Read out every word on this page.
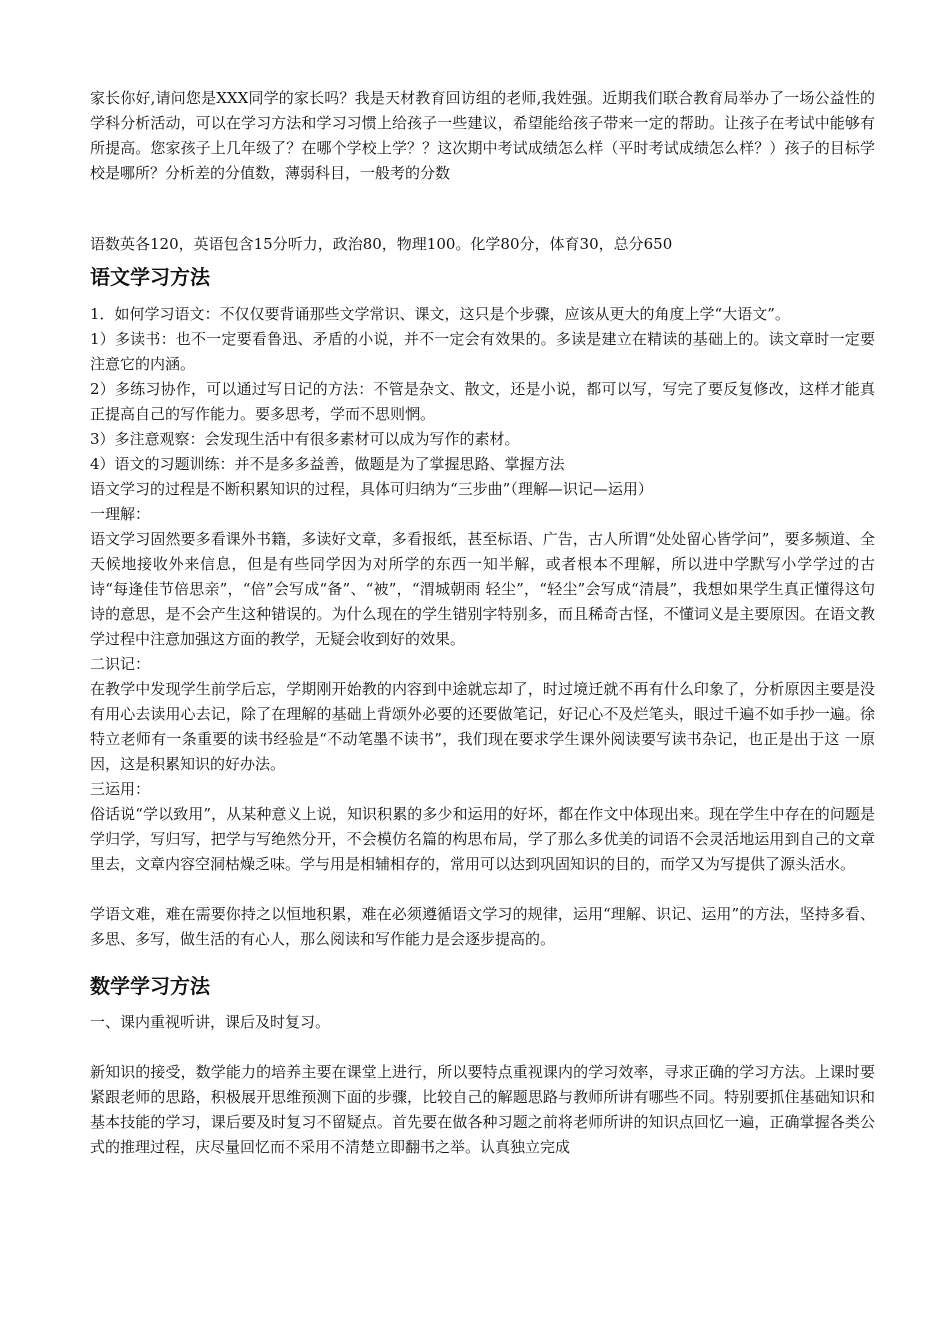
家长你好,请问您是XXX同学的家长吗？我是天材教育回访组的老师,我姓强。近期我们联合教育局举办了一场公益性的学科分析活动，可以在学习方法和学习习惯上给孩子一些建议，希望能给孩子带来一定的帮助。让孩子在考试中能够有所提高。您家孩子上几年级了？在哪个学校上学？？这次期中考试成绩怎么样（平时考试成绩怎么样？）孩子的目标学校是哪所？分析差的分值数，薄弱科目，一般考的分数

语数英各120，英语包含15分听力，政治80，物理100。化学80分，体育30，总分650

语文学习方法

1．如何学习语文：不仅仅要背诵那些文学常识、课文，这只是个步骤，应该从更大的角度上学“大语文”。

1）多读书：也不一定要看鲁迅、矛盾的小说，并不一定会有效果的。多读是建立在精读的基础上的。读文章时一定要注意它的内涵。

2）多练习协作，可以通过写日记的方法：不管是杂文、散文，还是小说，都可以写，写完了要反复修改，这样才能真正提高自己的写作能力。要多思考，学而不思则惘。

3）多注意观察：会发现生活中有很多素材可以成为写作的素材。

4）语文的习题训练：并不是多多益善，做题是为了掌握思路、掌握方法

语文学习的过程是不断积累知识的过程，具体可归纳为“三步曲”（理解—识记—运用）

一理解：

语文学习固然要多看课外书籍，多读好文章，多看报纸，甚至标语、广告，古人所谓“处处留心皆学问”，要多频道、全天候地接收外来信息，但是有些同学因为对所学的东西一知半解，或者根本不理解，所以进中学默写小学学过的古诗“每逢佳节倍思亲”，“倍”会写成“备”、“被”，“渭城朝雨 轻尘”，“轻尘”会写成“清晨”，我想如果学生真正懂得这句诗的意思，是不会产生这种错误的。为什么现在的学生错别字特别多，而且稀奇古怪，不懂词义是主要原因。在语文教学过程中注意加强这方面的教学，无疑会收到好的效果。

二识记：

在教学中发现学生前学后忘，学期刚开始教的内容到中途就忘却了，时过境迁就不再有什么印象了，分析原因主要是没有用心去读用心去记，除了在理解的基础上背颂外必要的还要做笔记，好记心不及烂笔头，眼过千遍不如手抄一遍。徐特立老师有一条重要的读书经验是“不动笔墨不读书”，我们现在要求学生课外阅读要写读书杂记，也正是出于这 一原因，这是积累知识的好办法。

三运用：

俗话说“学以致用”，从某种意义上说，知识积累的多少和运用的好坏，都在作文中体现出来。现在学生中存在的问题是学归学，写归写，把学与写绝然分开，不会模仿名篇的构思布局，学了那么多优美的词语不会灵活地运用到自己的文章里去，文章内容空洞枯燥乏味。学与用是相辅相存的，常用可以达到巩固知识的目的，而学又为写提供了源头活水。

学语文难，难在需要你持之以恒地积累，难在必须遵循语文学习的规律，运用“理解、识记、运用”的方法，坚持多看、多思、多写，做生活的有心人，那么阅读和写作能力是会逐步提高的。

数学学习方法

一、课内重视听讲，课后及时复习。

新知识的接受，数学能力的培养主要在课堂上进行，所以要特点重视课内的学习效率，寻求正确的学习方法。上课时要紧跟老师的思路，积极展开思维预测下面的步骤，比较自己的解题思路与教师所讲有哪些不同。特别要抓住基础知识和基本技能的学习，课后要及时复习不留疑点。首先要在做各种习题之前将老师所讲的知识点回忆一遍，正确掌握各类公式的推理过程，庆尽量回忆而不采用不清楚立即翻书之举。认真独立完成
